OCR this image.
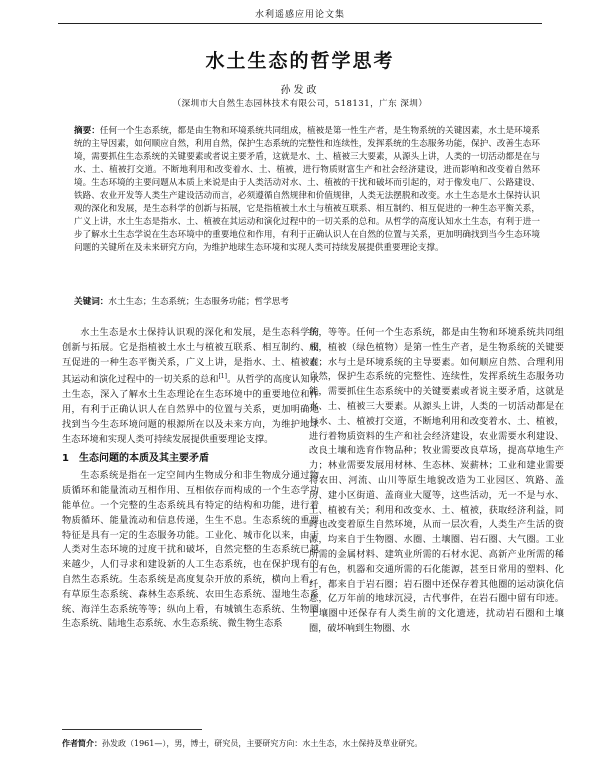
水利遥感应用论文集
水土生态的哲学思考
孙发政
（深圳市大自然生态园林技术有限公司，518131，广东 深圳）
摘要：任何一个生态系统，都是由生物和环境系统共同组成，植被是第一性生产者，是生物系统的关键因素，水土是环境系统的主导因素，如何顺应自然，利用自然，保护生态系统的完整性和连续性，发挥系统的生态服务功能，保护、改善生态环境，需要抓住生态系统的关键要素或者说主要矛盾，这就是水、土、植被三大要素，从源头上讲，人类的一切活动都是在与水、土、植被打交道。不断地利用和改变着水、土、植被，进行物质财富生产和社会经济建设，进而影响和改变着自然环境。生态环境的主要问题从本质上来说是由于人类活动对水、土、植被的干扰和破坏而引起的，对于像发电厂、公路建设、铁路、农业开发等人类生产建设活动而言，必须遵循自然规律和价值规律，人类无法摆脱和改变。水土生态是水土保持认识观的深化和发展，是生态科学的创新与拓展，它是指植被土水土与植被互联系、相互制约、相互促进的一种生态平衡关系，广义上讲，水土生态是指水、土、植被在其运动和演化过程中的一切关系的总和。从哲学的高度认知水土生态，有利于进一步了解水土生态学说在生态环境中的重要地位和作用，有利于正确认识人在自然的位置与关系，更加明确找到当今生态环境问题的关键所在及未来研究方向，为维护地球生态环境和实现人类可持续发展提供重要理论支撑。
关键词：水土生态；生态系统；生态服务功能；哲学思考

水土生态是水土保持认识观的深化和发展，是生态科学的创新与拓展。它是指植被土水土与植被互联系、相互制约、相互促进的一种生态平衡关系，广义上讲，是指水、土、植被在其运动和演化过程中的一切关系的总和[1]。从哲学的高度认知水土生态，深入了解水土生态理论在生态环境中的重要地位和作用，有利于正确认识人在自然界中的位置与关系，更加明确地找到当今生态环境问题的根源所在以及未来方向，为维护地球生态环境和实现人类可持续发展提供重要理论支撑。

1　生态问题的本质及其主要矛盾

生态系统是指在一定空间内生物成分和非生物成分通过物质循环和能量流动互相作用、互相依存而构成的一个生态学功能单位。一个完整的生态系统具有特定的结构和功能，进行着物质循环、能量流动和信息传递，生生不息。生态系统的重要特征是具有一定的生态服务功能。工业化、城市化以来，由于人类对生态环境的过度干扰和破坏，自然完整的生态系统已越来越少，人们寻求和建设新的人工生态系统，也在保护现有的自然生态系统。生态系统是高度复杂开放的系统，横向上看，有草原生态系统、森林生态系统、农田生态系统、湿地生态系统、海洋生态系统等等；纵向上看，有城镇生态系统、生物圈生态系统、陆地生态系统、水生态系统、微生物生态系

统，等等。任何一个生态系统，都是由生物和环境系统共同组成，植被（绿色植物）是第一性生产者，是生物系统的关键要素；水与土是环境系统的主导要素。如何顺应自然、合理利用自然，保护生态系统的完整性、连续性，发挥系统生态服务功能，需要抓住生态系统中的关键要素或者说主要矛盾，这就是水、土、植被三大要素。从源头上讲，人类的一切活动都是在与水、土、植被打交道，不断地利用和改变着水、土、植被，进行着物质资料的生产和社会经济建设，农业需要水利建设、改良土壤和选育作物品种；牧业需要改良草场，提高草地生产力；林业需要发展用材林、生态林、炭薪林；工业和建业需要将农田、河流、山川等原生地貌改造为工业园区、筑路、盖房、建小区街道、盖商业大厦等，这些活动，无一不是与水、土、植被有关；利用和改变水、土、植被，获取经济利益，同时也改变着原生自然环境，从而一层次看，人类生产生活的资源，均来自于生物圈、水圈、土壤圈、岩石圈、大气圈。工业所需的金属材料、建筑业所需的石材水泥、高新产业所需的稀土有色，机器和交通所需的石化能源，甚至日常用的塑料、化纤，都来自于岩石圈；岩石圈中还保存着其他圈的运动演化信息，亿万年前的地球沉浸，古代事件，在岩石圈中留有印迹。土壤圈中还保存有人类生前的文化遗迹，扰动岩石圈和土壤圈，破坏响到生物圈、水

作者简介：孙发政（1961—），男，博士，研究员，主要研究方向：水土生态，水土保持及草业研究。
